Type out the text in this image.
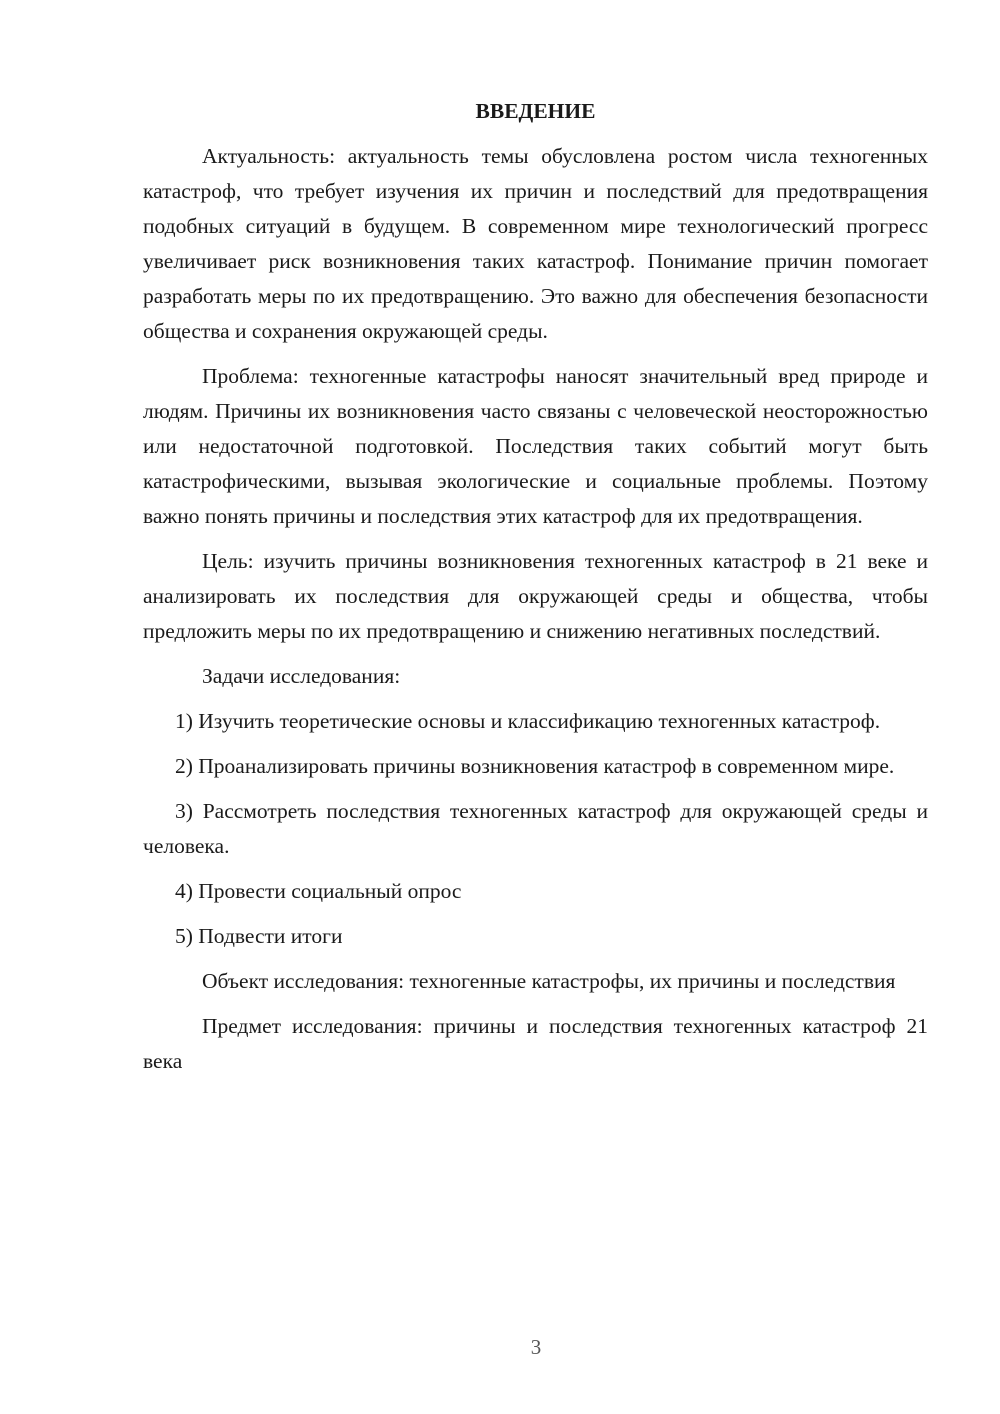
ВВЕДЕНИЕ

Актуальность: актуальность темы обусловлена ростом числа техногенных катастроф, что требует изучения их причин и последствий для предотвращения подобных ситуаций в будущем. В современном мире технологический прогресс увеличивает риск возникновения таких катастроф. Понимание причин помогает разработать меры по их предотвращению. Это важно для обеспечения безопасности общества и сохранения окружающей среды.

Проблема: техногенные катастрофы наносят значительный вред природе и людям. Причины их возникновения часто связаны с человеческой неосторожностью или недостаточной подготовкой. Последствия таких событий могут быть катастрофическими, вызывая экологические и социальные проблемы. Поэтому важно понять причины и последствия этих катастроф для их предотвращения.

Цель: изучить причины возникновения техногенных катастроф в 21 веке и анализировать их последствия для окружающей среды и общества, чтобы предложить меры по их предотвращению и снижению негативных последствий.

Задачи исследования:

1) Изучить теоретические основы и классификацию техногенных катастроф.

2) Проанализировать причины возникновения катастроф в современном мире.

3) Рассмотреть последствия техногенных катастроф для окружающей среды и человека.

4) Провести социальный опрос

5) Подвести итоги

Объект исследования: техногенные катастрофы, их причины и последствия

Предмет исследования: причины и последствия техногенных катастроф 21 века

3
